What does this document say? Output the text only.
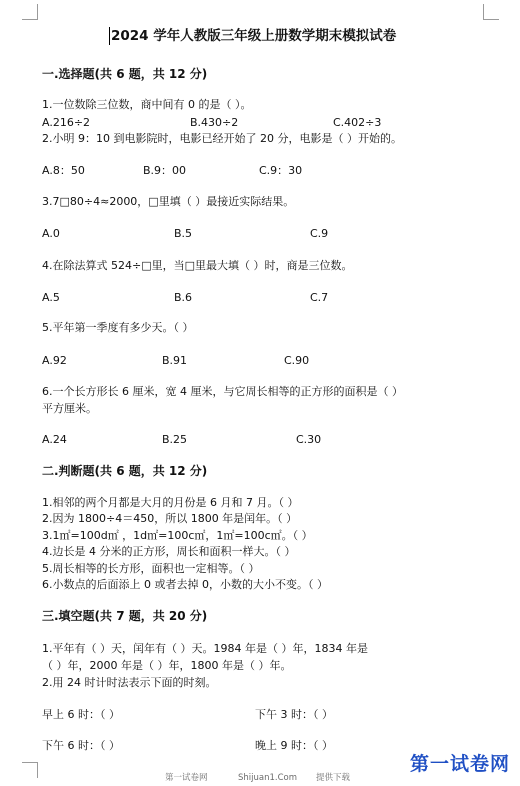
2024 学年人教版三年级上册数学期末模拟试卷
一.选择题(共 6 题，共 12 分)
1.一位数除三位数，商中间有 0 的是（ ）。
A.216÷2	B.430÷2	C.402÷3
2.小明 9：10 到电影院时，电影已经开始了 20 分，电影是（ ）开始的。
A.8：50	B.9：00	C.9：30
3.7□80÷4≈2000，□里填（ ）最接近实际结果。
A.0	B.5	C.9
4.在除法算式 524÷□里，当□里最大填（ ）时，商是三位数。
A.5	B.6	C.7
5.平年第一季度有多少天。（ ）
A.92	B.91	C.90
6.一个长方形长 6 厘米，宽 4 厘米，与它周长相等的正方形的面积是（ ）
平方厘米。
A.24	B.25	C.30
二.判断题(共 6 题，共 12 分)
1.相邻的两个月都是大月的月份是 6 月和 7 月。（ ）
2.因为 1800÷4＝450，所以 1800 年是闰年。（ ）
3.1㎡=100d㎡ ，1d㎡=100c㎡，1㎡=100c㎡。（ ）
4.边长是 4 分米的正方形，周长和面积一样大。（ ）
5.周长相等的长方形，面积也一定相等。（ ）
6.小数点的后面添上 0 或者去掉 0，小数的大小不变。（ ）
三.填空题(共 7 题，共 20 分)
1.平年有（ ）天，闰年有（ ）天。1984 年是（ ）年，1834 年是
（ ）年，2000 年是（ ）年，1800 年是（ ）年。
2.用 24 时计时法表示下面的时刻。
早上 6 时：（ ）	下午 3 时：（ ）
下午 6 时：（ ）	晚上 9 时：（ ）
第一试卷网	Shijuan1.Com 提供下载
第一试卷网
